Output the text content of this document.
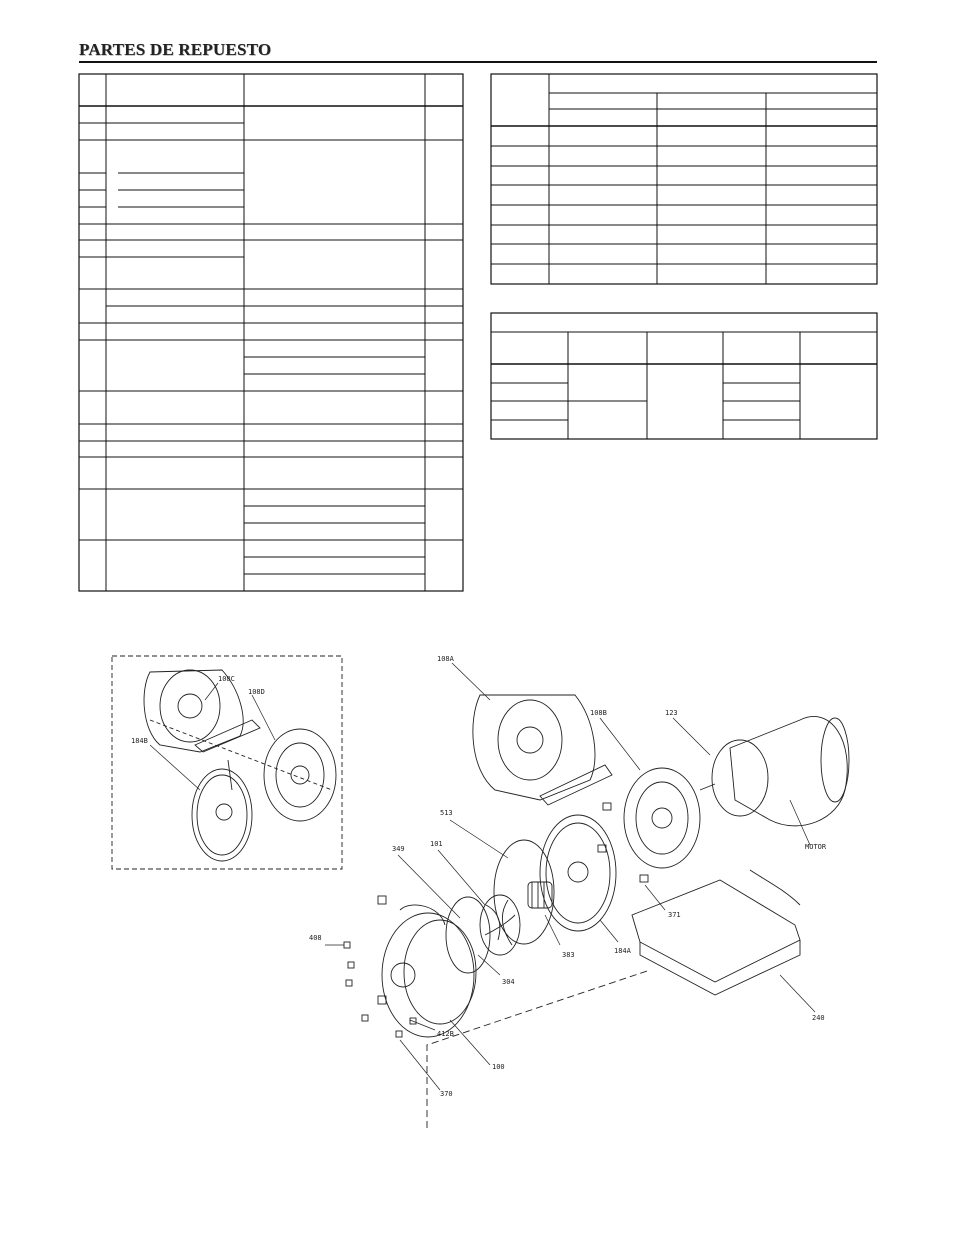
PARTES DE REPUESTO
108C
108D
184B
108A
108B	123
513
349
101
408
304
383	184A
371
MOTOR
240
412B
100
370
